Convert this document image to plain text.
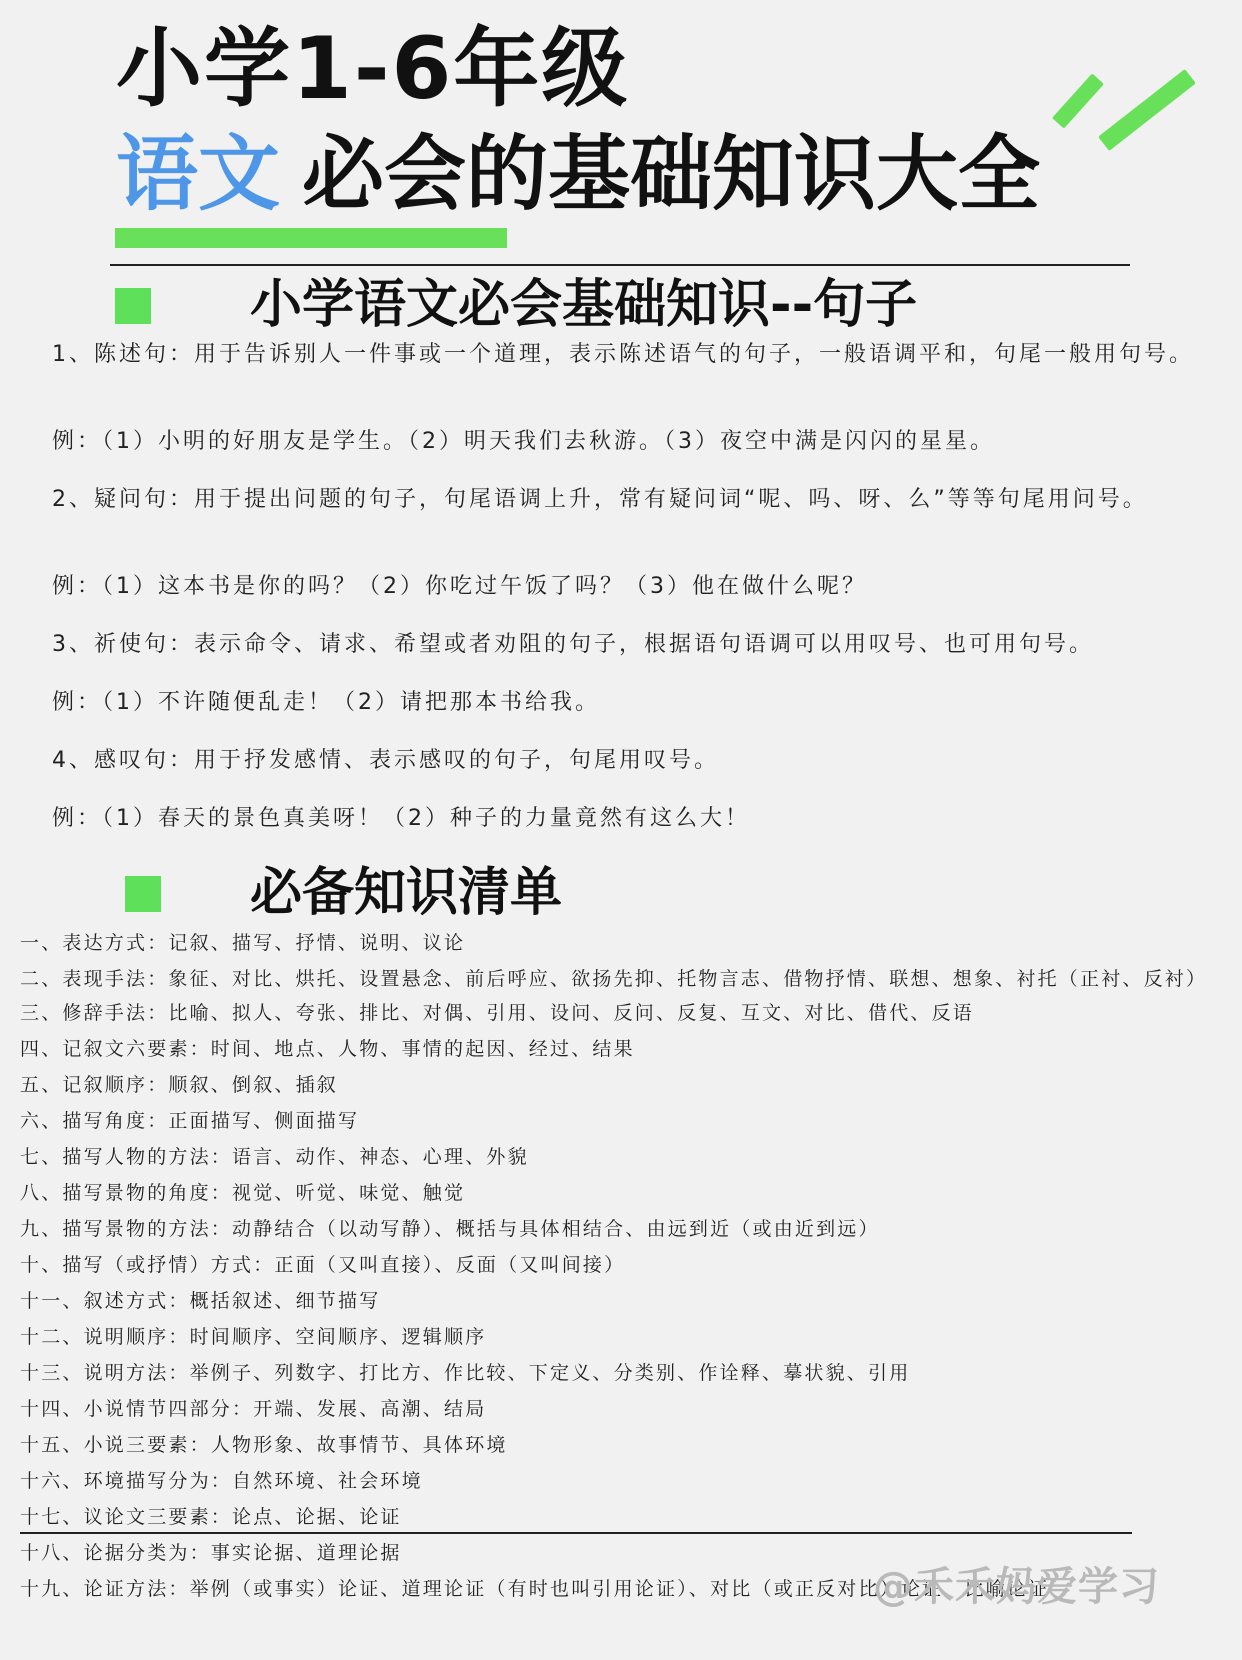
小学1-6年级
语文 必会的基础知识大全
小学语文必会基础知识--句子
1、陈述句：用于告诉别人一件事或一个道理，表示陈述语气的句子，一般语调平和，句尾一般用句号。
例：（1）小明的好朋友是学生。（2）明天我们去秋游。（3）夜空中满是闪闪的星星。
2、疑问句：用于提出问题的句子，句尾语调上升，常有疑问词“呢、吗、呀、么”等等句尾用问号。
例：（1）这本书是你的吗？（2）你吃过午饭了吗？（3）他在做什么呢？
3、祈使句：表示命令、请求、希望或者劝阻的句子，根据语句语调可以用叹号、也可用句号。
例：（1）不许随便乱走！（2）请把那本书给我。
4、感叹句：用于抒发感情、表示感叹的句子，句尾用叹号。
例：（1）春天的景色真美呀！（2）种子的力量竟然有这么大！
必备知识清单
一、表达方式：记叙、描写、抒情、说明、议论
二、表现手法：象征、对比、烘托、设置悬念、前后呼应、欲扬先抑、托物言志、借物抒情、联想、想象、衬托（正衬、反衬）
三、修辞手法：比喻、拟人、夸张、排比、对偶、引用、设问、反问、反复、互文、对比、借代、反语
四、记叙文六要素：时间、地点、人物、事情的起因、经过、结果
五、记叙顺序：顺叙、倒叙、插叙
六、描写角度：正面描写、侧面描写
七、描写人物的方法：语言、动作、神态、心理、外貌
八、描写景物的角度：视觉、听觉、味觉、触觉
九、描写景物的方法：动静结合（以动写静）、概括与具体相结合、由远到近（或由近到远）
十、描写（或抒情）方式：正面（又叫直接）、反面（又叫间接）
十一、叙述方式：概括叙述、细节描写
十二、说明顺序：时间顺序、空间顺序、逻辑顺序
十三、说明方法：举例子、列数字、打比方、作比较、下定义、分类别、作诠释、摹状貌、引用
十四、小说情节四部分：开端、发展、高潮、结局
十五、小说三要素：人物形象、故事情节、具体环境
十六、环境描写分为：自然环境、社会环境
十七、议论文三要素：论点、论据、论证
十八、论据分类为：事实论据、道理论据
十九、论证方法：举例（或事实）论证、道理论证（有时也叫引用论证）、对比（或正反对比）论证、比喻论证
@禾禾妈爱学习
